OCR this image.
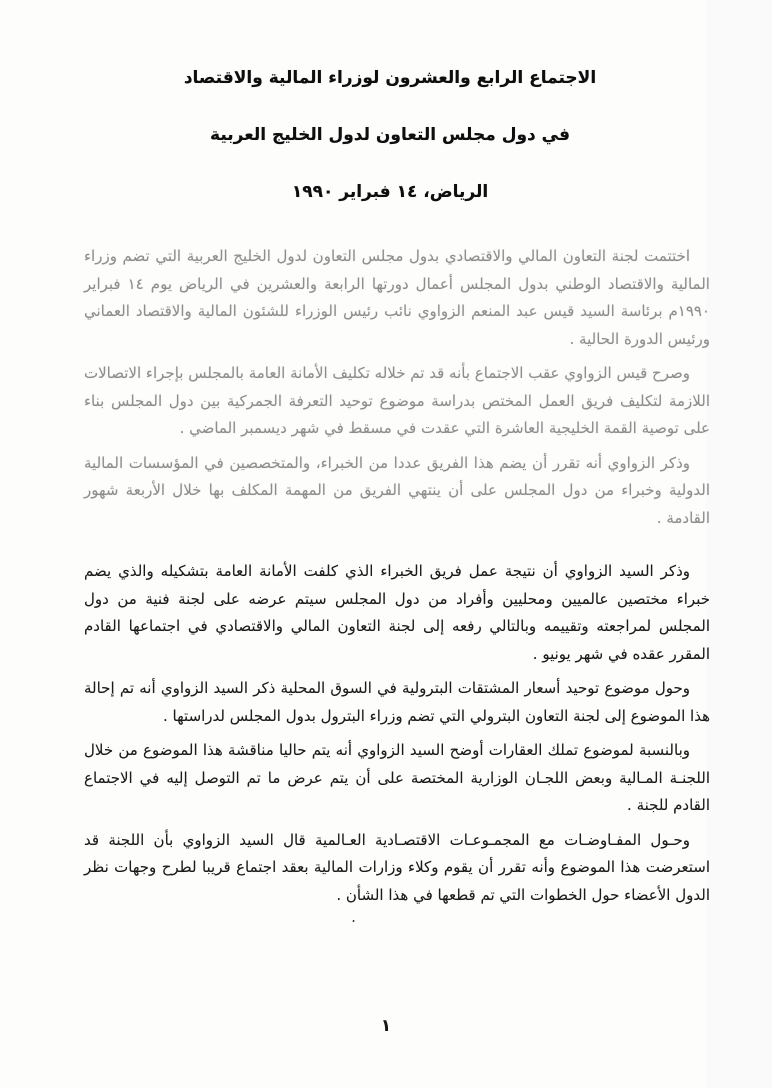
الاجتماع الرابع والعشرون لوزراء المالية والاقتصاد
في دول مجلس التعاون لدول الخليج العربية
الرياض، ١٤ فبراير ١٩٩٠

اختتمت لجنة التعاون المالي والاقتصادي بدول مجلس التعاون لدول الخليج العربية التي تضم وزراء المالية والاقتصاد الوطني بدول المجلس أعمال دورتها الرابعة والعشرين في الرياض يوم ١٤ فبراير ١٩٩٠م برئاسة السيد قيس عبد المنعم الزواوي نائب رئيس الوزراء للشئون المالية والاقتصاد العماني ورئيس الدورة الحالية .

وصرح قيس الزواوي عقب الاجتماع بأنه قد تم خلاله تكليف الأمانة العامة بالمجلس بإجراء الاتصالات اللازمة لتكليف فريق العمل المختص بدراسة موضوع توحيد التعرفة الجمركية بين دول المجلس بناء على توصية القمة الخليجية العاشرة التي عقدت في مسقط في شهر ديسمبر الماضي .

وذكر الزواوي أنه تقرر أن يضم هذا الفريق عددا من الخبراء، والمتخصصين في المؤسسات المالية الدولية وخبراء من دول المجلس على أن ينتهي الفريق من المهمة المكلف بها خلال الأربعة شهور القادمة .

وذكر السيد الزواوي أن نتيجة عمل فريق الخبراء الذي كلفت الأمانة العامة بتشكيله والذي يضم خبراء مختصين عالميين ومحليين وأفراد من دول المجلس سيتم عرضه على لجنة فنية من دول المجلس لمراجعته وتقييمه وبالتالي رفعه إلى لجنة التعاون المالي والاقتصادي في اجتماعها القادم المقرر عقده في شهر يونيو .

وحول موضوع توحيد أسعار المشتقات البترولية في السوق المحلية ذكر السيد الزواوي أنه تم إحالة هذا الموضوع إلى لجنة التعاون البترولي التي تضم وزراء البترول بدول المجلس لدراستها .

وبالنسبة لموضوع تملك العقارات أوضح السيد الزواوي أنه يتم حاليا مناقشة هذا الموضوع من خلال اللجنـة المـالية وبعض اللجـان الوزارية المختصة على أن يتم عرض ما تم التوصل إليه في الاجتماع القادم للجنة .

وحـول المفـاوضـات مع المجمـوعـات الاقتصـادية العـالمية قال السيد الزواوي بأن اللجنة قد استعرضت هذا الموضوع وأنه تقرر أن يقوم وكلاء وزارات المالية بعقد اجتماع قريبا لطرح وجهات نظر الدول الأعضاء حول الخطوات التي تم قطعها في هذا الشأن .

.
١
